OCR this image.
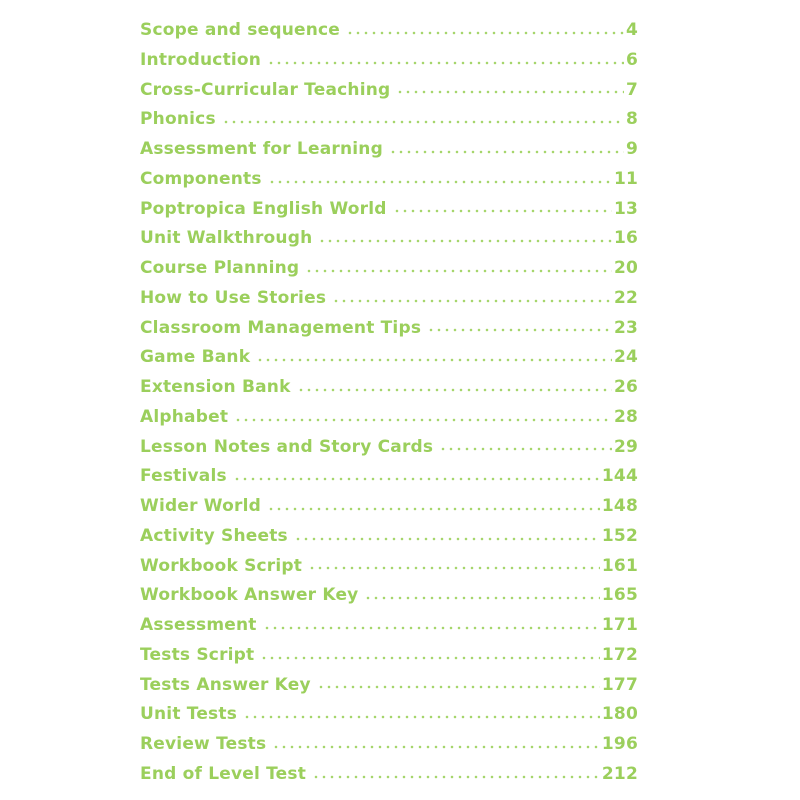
Scope and sequence	4
Introduction	6
Cross-Curricular Teaching	7
Phonics	8
Assessment for Learning	9
Components	11
Poptropica English World	13
Unit Walkthrough	16
Course Planning	20
How to Use Stories	22
Classroom Management Tips	23
Game Bank	24
Extension Bank	26
Alphabet	28
Lesson Notes and Story Cards	29
Festivals	144
Wider World	148
Activity Sheets	152
Workbook Script	161
Workbook Answer Key	165
Assessment	171
Tests Script	172
Tests Answer Key	177
Unit Tests	180
Review Tests	196
End of Level Test	212
